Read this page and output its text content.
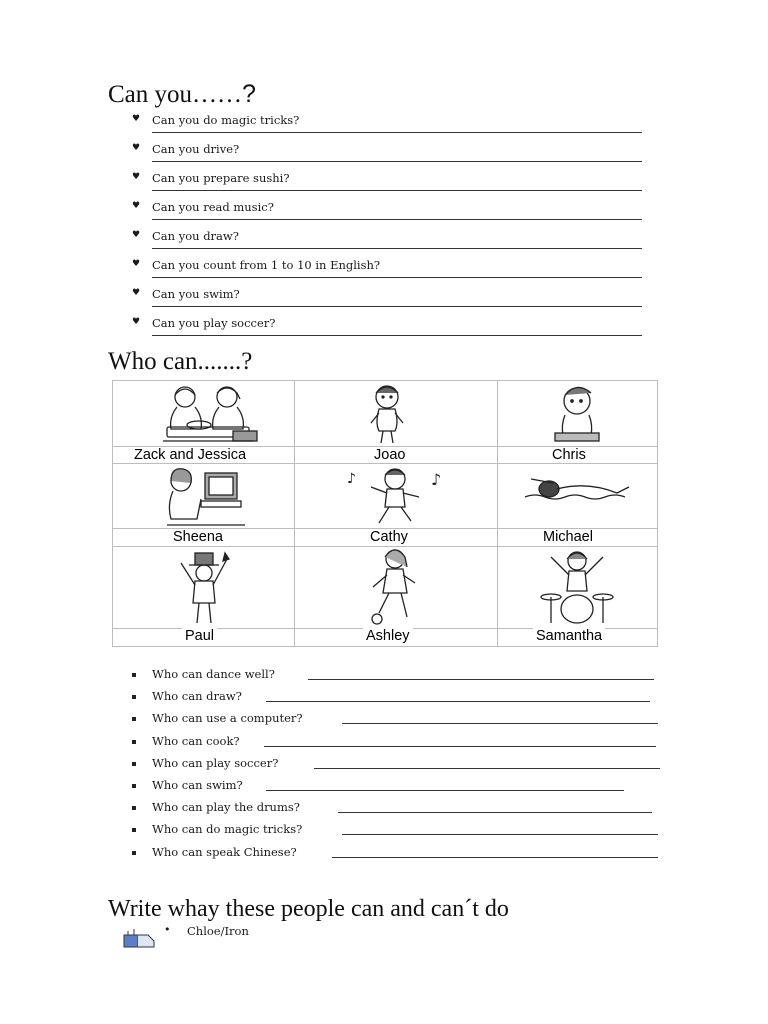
Can you……?
♥ Can you do magic tricks?
♥ Can you drive?
♥ Can you prepare sushi?
♥ Can you read music?
♥ Can you draw?
♥ Can you count from 1 to 10 in English?
♥ Can you swim?
♥ Can you play soccer?
Who can.......?
♪	♪
Zack and Jessica	Joao	Chris
Sheena	Cathy	Michael
Paul	Ashley	Samantha
Who can dance well?
Who can draw?
Who can use a computer?
Who can cook?
Who can play soccer?
Who can swim?
Who can play the drums?
Who can do magic tricks?
Who can speak Chinese?
Write whay these people can and can´t do
• Chloe/Iron
